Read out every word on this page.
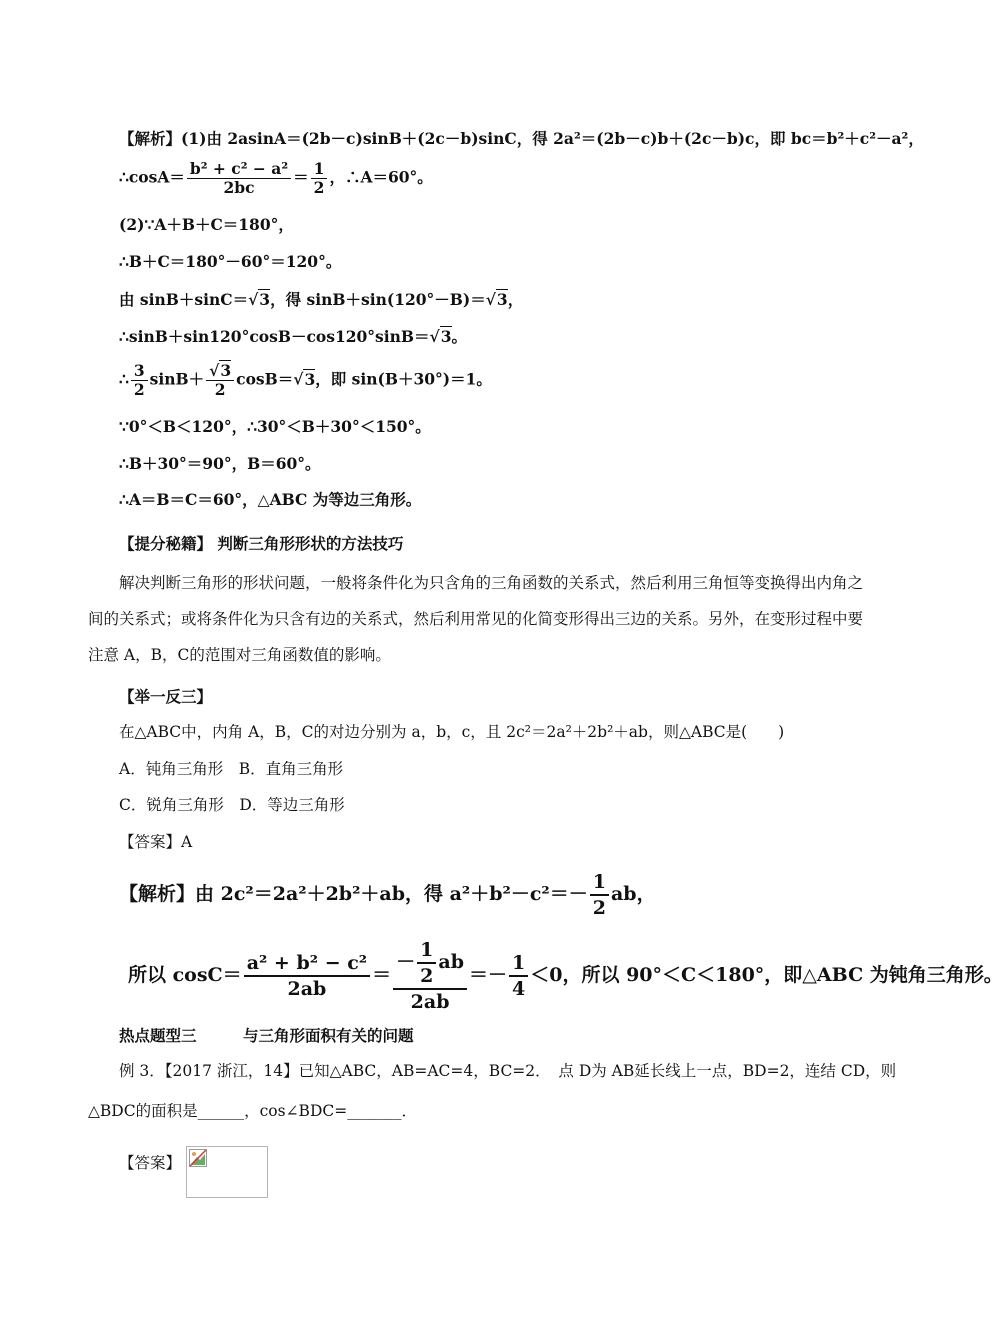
【解析】(1)由 2asinA＝(2b－c)sinB＋(2c－b)sinC，得 2a²＝(2b－c)b＋(2c－b)c，即 bc＝b²＋c²－a²，
∴cosA＝ $\frac{\text{b² + c² − a²}}{2bc} = \frac{1}{2}$ ，∴A＝60°。
(2)∵A＋B＋C＝180°，
∴B＋C＝180°－60°＝120°。
由 sinB＋sinC＝√3，得 sinB＋sin(120°－B)＝√3，
∴sinB＋sin120°cosB－cos120°sinB＝√3。
∴ $\frac{3}{2} \sin B+ \frac{√3}{2} \cos B=√3$，即 sin(B＋30°)＝1。
∵0°＜B＜120°，∴30°＜B＋30°＜150°。
∴B＋30°＝90°，B＝60°。
∴A＝B＝C＝60°，△ABC 为等边三角形。
【提分秘籍】 判断三角形形状的方法技巧
解决判断三角形的形状问题，一般将条件化为只含角的三角函数的关系式，然后利用三角恒等变换得出内角之间的关系式；或将条件化为只含有边的关系式，然后利用常见的化简变形得出三边的关系。另外，在变形过程中要注意 A，B，C的范围对三角函数值的影响。
【举一反三】
在△ABC中，内角 A，B，C的对边分别为 a，b，c，且 2c²＝2a²＋2b²＋ab，则△ABC是(　　)
A．钝角三角形　B．直角三角形
C．锐角三角形　D．等边三角形
【答案】A
【解析】由 2c²＝2a²＋2b²＋ab，得 $a^2+b^2-c^2=- \frac{1}{2}$ ab，
所以 $\cos C= \frac{\text{a² + b² − c²}}{2ab} = \frac{- \frac{1}{2} ab}{2ab} =- \frac{1}{4} <0$，所以 90°＜C＜180°，即△ABC 为钝角三角形。
热点题型三　　　与三角形面积有关的问题
例 3．【2017 浙江，14】已知△ABC，AB=AC=4，BC=2．　点 D为 AB延长线上一点，BD=2，连结 CD，则
△BDC的面积是______，cos∠BDC=_______．
【答案】
